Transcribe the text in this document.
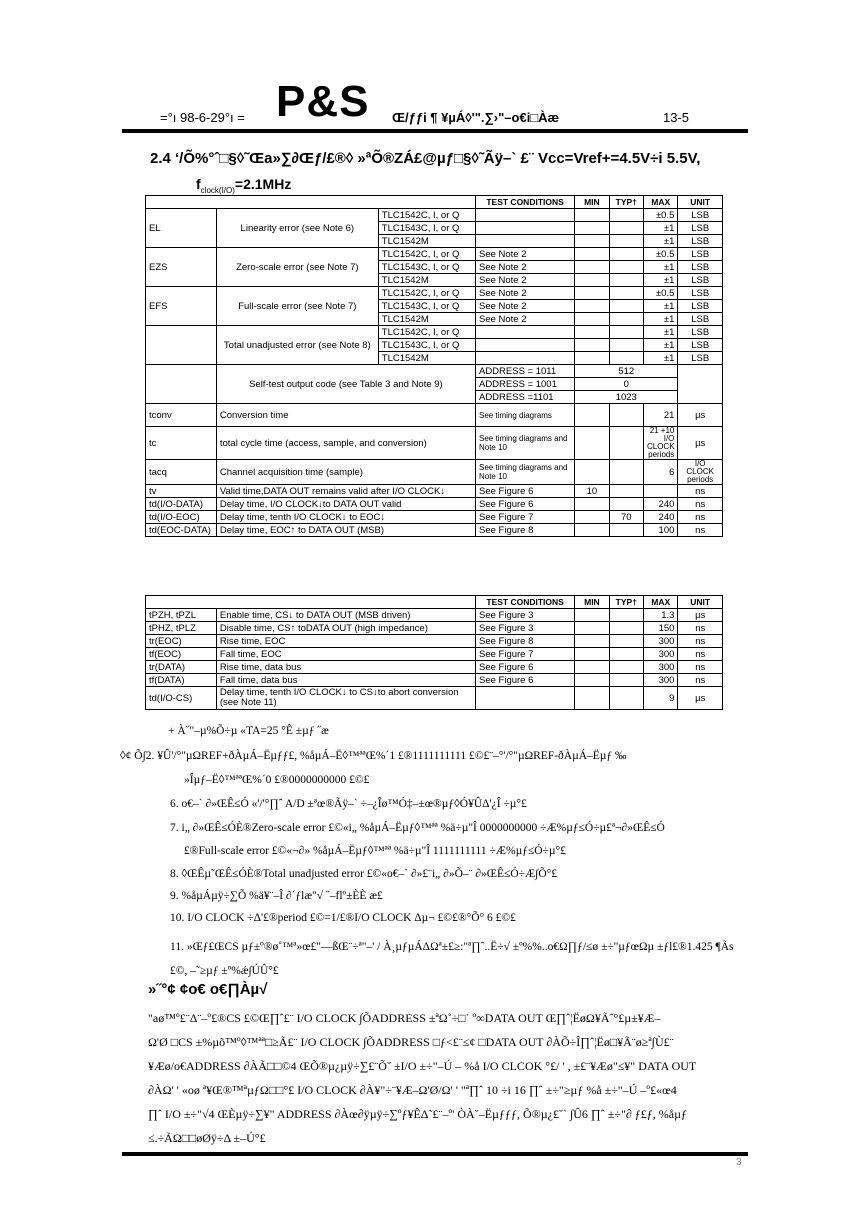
=°ı 98-6-29°ı = P&S Œ/ƒƒi ¶ ¥µÁ◊'".∑›"–o€i□Àæ	13-5
2.4 ‘/Õ%°ˆ□§◊˜Œa»∑∂Œƒ/£®◊ »ªÕ®ZÁ£@µƒ□§◊˜Ãÿ–` £¨ Vcc=Vref+=4.5V÷i 5.5V,
$f_{clock(I/O)}=2.1MHz$
			TEST CONDITIONS	MIN	TYP†	MAX	UNIT
EL	Linearity error (see Note 6)	TLC1542C, I, or Q				±0.5	LSB
		TLC1543C, I, or Q				±1	LSB
		TLC1542M				±1	LSB
EZS	Zero-scale error (see Note 7)	TLC1542C, I, or Q	See Note 2			±0.5	LSB
		TLC1543C, I, or Q	See Note 2			±1	LSB
		TLC1542M	See Note 2			±1	LSB
EFS	Full-scale error (see Note 7)	TLC1542C, I, or Q	See Note 2			±0.5	LSB
		TLC1543C, I, or Q	See Note 2			±1	LSB
		TLC1542M	See Note 2			±1	LSB
	Total unadjusted error (see Note 8)	TLC1542C, I, or Q				±1	LSB
		TLC1543C, I, or Q				±1	LSB
		TLC1542M				±1	LSB
	Self-test output code (see Table 3 and Note 9)		ADDRESS = 1011	512			
			ADDRESS = 1001	0			
			ADDRESS =1101	1023			
tconv	Conversion time		See timing diagrams			21	µs
tc	total cycle time (access, sample, and conversion)		See timing diagrams and Note 10			21 +10 I/O CLOCK periods	µs
tacq	Channel acquisition time (sample)		See timing diagrams and Note 10			6	I/O CLOCK periods
tv	Valid time,DATA OUT remains valid after I/O CLOCK↓		See Figure 6	10			ns
td(I/O-DATA)	Delay time, I/O CLOCK↓to DATA OUT valid		See Figure 6			240	ns
td(I/O-EOC)	Delay time, tenth I/O CLOCK↓ to EOC↓		See Figure 7		70	240	ns
td(EOC-DATA)	Delay time, EOC↑ to DATA OUT (MSB)		See Figure 8			100	ns
		TEST CONDITIONS	MIN	TYP†	MAX	UNIT
tPZH, tPZL	Enable time, CS↓ to DATA OUT (MSB driven)	See Figure 3			1.3	µs
tPHZ, tPLZ	Disable time, CS↑ toDATA OUT (high impedance)	See Figure 3			150	ns
tr(EOC)	Rise time, EOC	See Figure 8			300	ns
tf(EOC)	Fall time, EOC	See Figure 7			300	ns
tr(DATA)	Rise time, data bus	See Figure 6			300	ns
tf(DATA)	Fall time, data bus	See Figure 6			300	ns
td(I/O-CS)	Delay time, tenth I/O CLOCK↓ to CS↓to abort conversion (see Note 11)				9	µs
+ À˝"–µ%Õ÷µ «TA=25 °Ê ±µƒ ˝æ
◊¢ Õ∫2. ¥Û'/°"µΩREF+ðÀµÁ–Ëµƒƒ£, %åµÁ–Ë◊™ªªŒ%´1 £®1111111111 £©£¨–°'/°"µΩREF-ðÀµÁ–Ëµƒ ‰
»Îµƒ–Ë◊™ªªŒ%´0 £®0000000000 £©£
6. o€–` ∂»ŒÊ≤Ó «'/'°∏ˆ A/D ±ªœ®Ãÿ–` ÷–¿Îø™Ó‡–±œ®µƒ◊Ó¥ÛΔ'¿Î ÷µ°£
7. i„ ∂»ŒÊ≤ÓÈ®Zero-scale error £©«i„ %åµÁ–Ëµƒ◊™ªª %ä÷µ"Î 0000000000 ÷Æ%µƒ≤Ó÷µ£ª¬∂»ŒÊ≤Ó
£®Full-scale error £©«¬∂» %åµÁ–Ëµƒ◊™ªª %ä÷µ"Î 1111111111 ÷Æ%µƒ≤Ó÷µ°£
8. ◊ŒÊµ˜ŒÊ≤ÓÈ®Total unadjusted error £©«o€–` ∂»£¨i„ ∂»Õ–¨ ∂»ŒÊ≤Ó÷Æ∫Õ°£
9. %åµÁµÿ÷∑Õ %ä¥¨–Î ∂´ƒlæ"√ ˝–flº±ÈÈ æ£
10. I/O CLOCK ÷Δ'£®period £©=1/£®I/O CLOCK Δµ¬ £©£®°Õ° 6 £©£
11. »Œƒ£ŒCS µƒ±º®ø˚™ª»œ£"—ßŒ¨÷ª"–' / À¸µƒµÁΔΩª±£≥:"ª∏ˆ..Ë÷√ ±º%%..ο€Ω∏ƒ/≤ø ±÷"µƒœΩµ ±ƒl£®1.425 ¶Ãs £©, –˜≥µƒ ±º%ǽ∫ÚÛ°£
»˝°¢ ¢o€ o€∏Àµ√
"aø™º£¨Δ¨–º£®CS £©Œ∏ˆ£¨ I/O CLOCK ∫ÕADDRESS ±ªΩ˚÷□˙ º∞DATA OUT Œ∏ˆ¦ËøΩ¥Ãˆ°£µ±¥Æ–
Ω'Ø □CS ±%µõ™º◊™ªª□≥Ã£¨ I/O CLOCK ∫ÕADDRESS □ƒ<£¨≤¢ □DATA OUT ∂ÀÕ÷Î∏ˆ¦Ëø□¥Ã¨ø≥ª∫Ù£¨
¥Æø/o€ADDRESS ∂ÀÃ□□©4 ŒÕ®µ¿µÿ÷∑£¨Õ˘ ±I/O ±÷"–Ú – %å I/O CLCOK °£/ ' , ±£¨¥Æø"≤¥" DATA OUT
∂ÀΩ' ' «oø ª¥Œ®™ªµƒΩ□□°£ I/O CLOCK ∂À¥"÷¨¥Æ–Ω'Ø/Ω' ' "ª∏ˆ 10 ÷i 16 ∏ˆ ±÷"≥µƒ %å ±÷"–Ú –º£«œ4
∏ˆ I/O ±÷"√4 ŒÈµÿ÷∑¥" ADDRESS ∂Àœ∂ÿµÿ÷∑ºƒ¥ÊΔ˜£¨–º' ÒÀ˘–Ëµƒƒƒ, Õ®µ¿£˘` ∫Û6 ∏ˆ ±÷"∂ ƒ£ƒ, %åµƒ
≤.÷ÃΩ□□øØÿ÷Δ ±–Ú°£
3
